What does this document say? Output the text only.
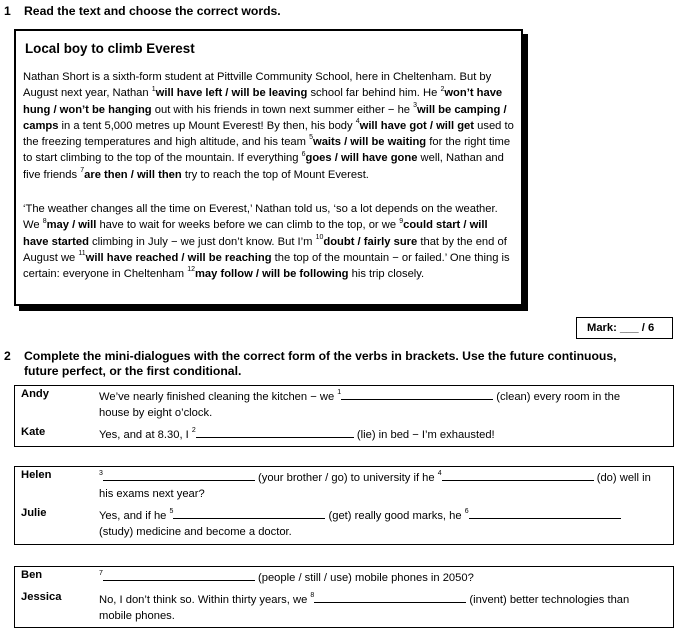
1 Read the text and choose the correct words.
Local boy to climb Everest
Nathan Short is a sixth-form student at Pittville Community School, here in Cheltenham. But by August next year, Nathan $^1$will have left / will be leaving school far behind him. He $^2$won’t have hung / won’t be hanging out with his friends in town next summer either − he $^3$will be camping / camps in a tent 5,000 metres up Mount Everest! By then, his body $^4$will have got / will get used to the freezing temperatures and high altitude, and his team $^5$waits / will be waiting for the right time to start climbing to the top of the mountain. If everything $^6$goes / will have gone well, Nathan and five friends $^7$are then / will then try to reach the top of Mount Everest.
‘The weather changes all the time on Everest,’ Nathan told us, ‘so a lot depends on the weather. We $^8$may / will have to wait for weeks before we can climb to the top, or we $^9$could start / will have started climbing in July − we just don’t know. But I’m $^{10}$doubt / fairly sure that by the end of August we $^{11}$will have reached / will be reaching the top of the mountain − or failed.’ One thing is certain: everyone in Cheltenham $^{12}$may follow / will be following his trip closely.
Mark: ___ / 6
2 Complete the mini-dialogues with the correct form of the verbs in brackets. Use the future continuous,
future perfect, or the first conditional.
Andy	We’ve nearly finished cleaning the kitchen − we $^1$	(clean) every room in the
house by eight o’clock.
Kate	Yes, and at 8.30, I $^2$	(lie) in bed − I’m exhausted!
Helen	$^3$	(your brother / go) to university if he $^4$	(do) well in
his exams next year?
Julie	Yes, and if he $^5$	(get) really good marks, he $^6$
(study) medicine and become a doctor.
Ben	$^7$	(people / still / use) mobile phones in 2050?
Jessica	No, I don’t think so. Within thirty years, we $^8$	(invent) better technologies than
mobile phones.
